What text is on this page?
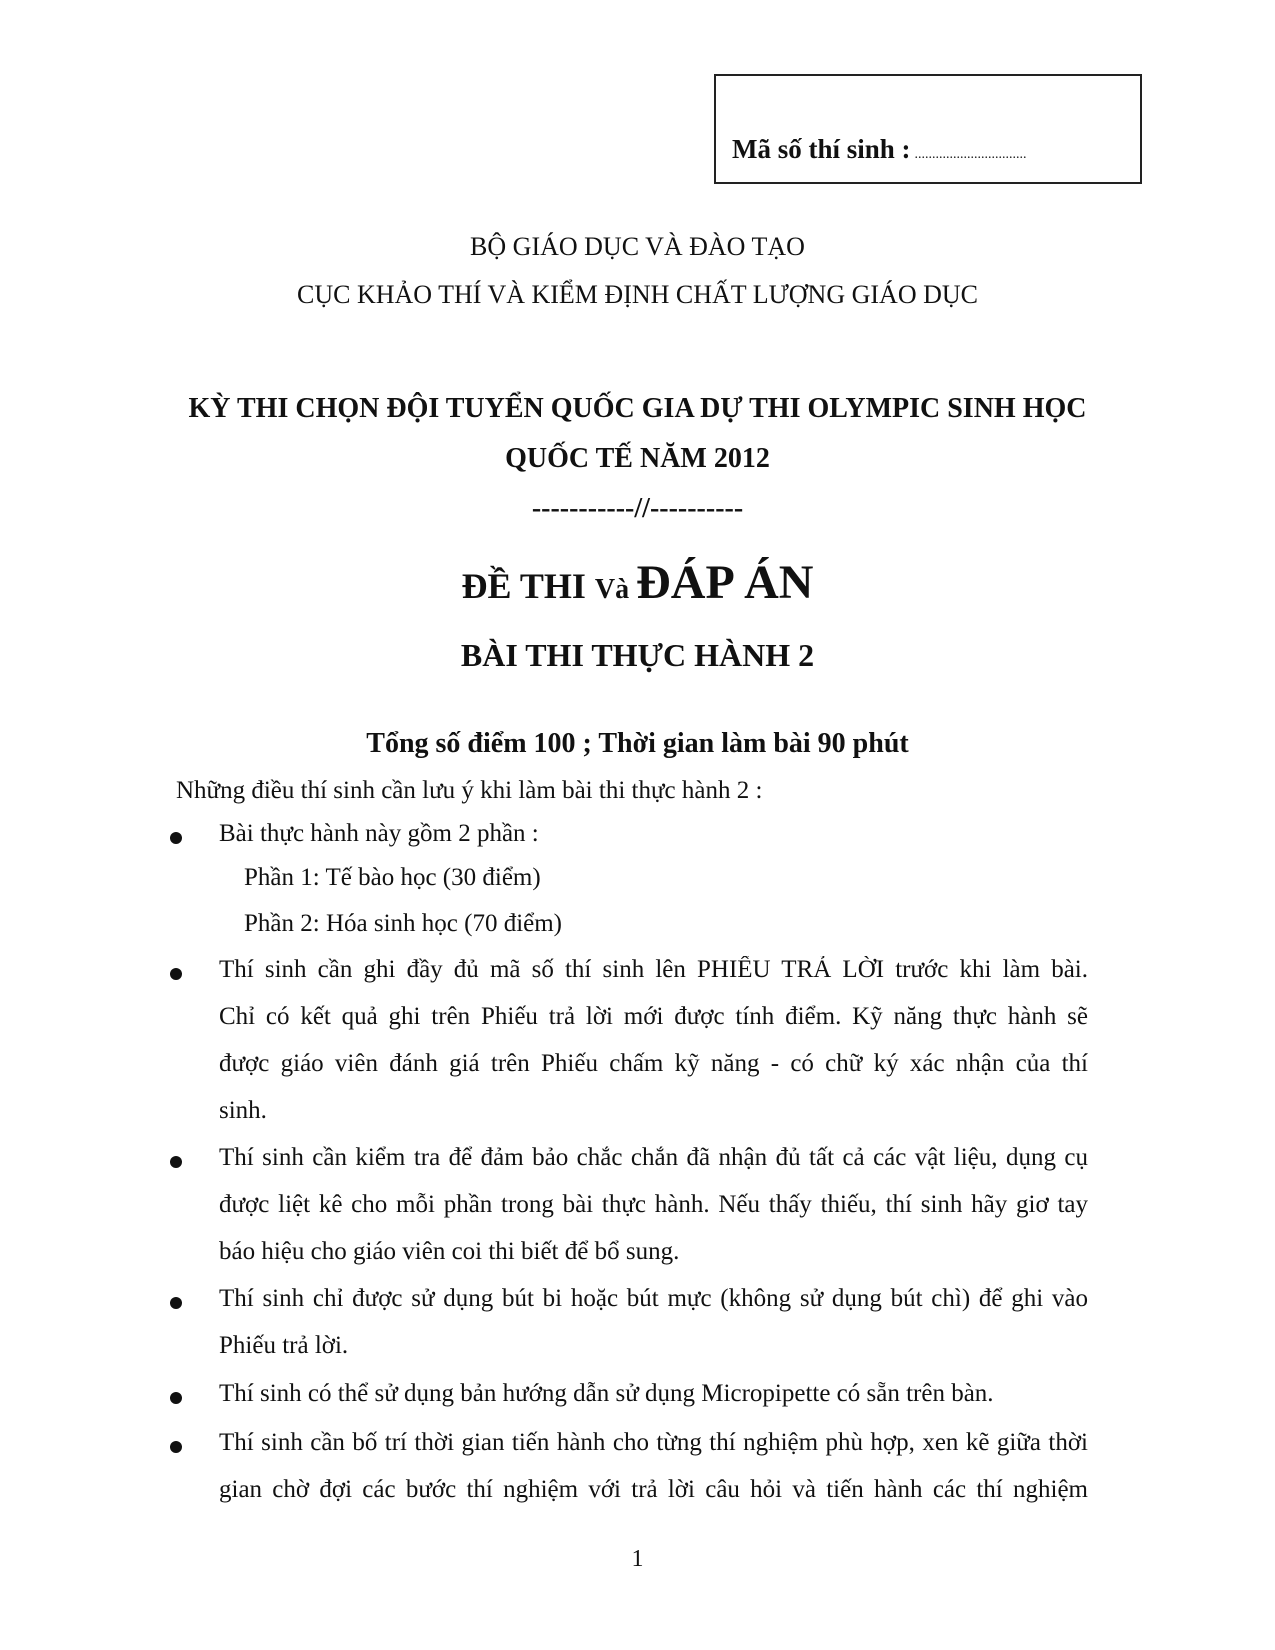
Mã số thí sinh : ................................
BỘ GIÁO DỤC VÀ ĐÀO TẠO
CỤC KHẢO THÍ VÀ KIỂM ĐỊNH CHẤT LƯỢNG GIÁO DỤC
KỲ THI CHỌN ĐỘI TUYỂN QUỐC GIA DỰ THI OLYMPIC SINH HỌC
QUỐC TẾ NĂM 2012
-----------//----------
ĐỀ THI Và ĐÁP ÁN
BÀI THI THỰC HÀNH 2
Tổng số điểm 100 ; Thời gian làm bài 90 phút
Những điều thí sinh cần lưu ý khi làm bài thi thực hành 2 :
Bài thực hành này gồm 2 phần :
Phần 1: Tế bào học (30 điểm)
Phần 2: Hóa sinh học (70 điểm)
Thí sinh cần ghi đầy đủ mã số thí sinh lên PHIẾU TRẢ LỜI trước khi làm bài.
Chỉ có kết quả ghi trên Phiếu trả lời mới được tính điểm. Kỹ năng thực hành sẽ
được giáo viên đánh giá trên Phiếu chấm kỹ năng - có chữ ký xác nhận của thí
sinh.
Thí sinh cần kiểm tra để đảm bảo chắc chắn đã nhận đủ tất cả các vật liệu, dụng cụ
được liệt kê cho mỗi phần trong bài thực hành. Nếu thấy thiếu, thí sinh hãy giơ tay
báo hiệu cho giáo viên coi thi biết để bổ sung.
Thí sinh chỉ được sử dụng bút bi hoặc bút mực (không sử dụng bút chì) để ghi vào
Phiếu trả lời.
Thí sinh có thể sử dụng bản hướng dẫn sử dụng Micropipette có sẵn trên bàn.
Thí sinh cần bố trí thời gian tiến hành cho từng thí nghiệm phù hợp, xen kẽ giữa thời
gian chờ đợi các bước thí nghiệm với trả lời câu hỏi và tiến hành các thí nghiệm
1
